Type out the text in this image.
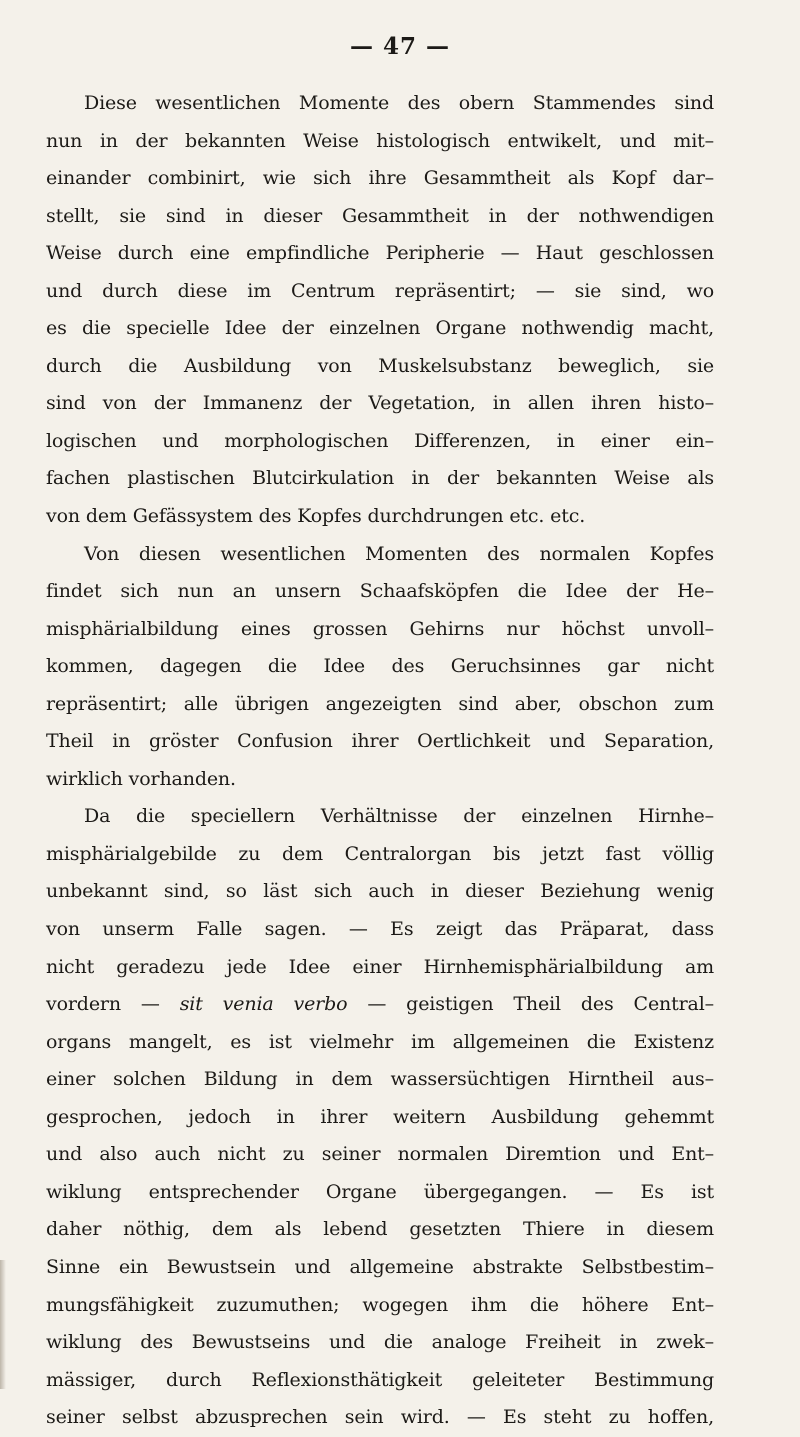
— 47 —
Diese wesentlichen Momente des obern Stammendes sind
nun in der bekannten Weise histologisch entwikelt, und mit–
einander combinirt, wie sich ihre Gesammtheit als Kopf dar–
stellt, sie sind in dieser Gesammtheit in der nothwendigen
Weise durch eine empfindliche Peripherie — Haut geschlossen
und durch diese im Centrum repräsentirt; — sie sind, wo
es die specielle Idee der einzelnen Organe nothwendig macht,
durch die Ausbildung von Muskelsubstanz beweglich, sie
sind von der Immanenz der Vegetation, in allen ihren histo–
logischen und morphologischen Differenzen, in einer ein–
fachen plastischen Blutcirkulation in der bekannten Weise als
von dem Gefässystem des Kopfes durchdrungen etc. etc.
Von diesen wesentlichen Momenten des normalen Kopfes
findet sich nun an unsern Schaafsköpfen die Idee der He–
misphärialbildung eines grossen Gehirns nur höchst unvoll–
kommen, dagegen die Idee des Geruchsinnes gar nicht
repräsentirt; alle übrigen angezeigten sind aber, obschon zum
Theil in gröster Confusion ihrer Oertlichkeit und Separation,
wirklich vorhanden.
Da die speciellern Verhältnisse der einzelnen Hirnhe–
misphärialgebilde zu dem Centralorgan bis jetzt fast völlig
unbekannt sind, so läst sich auch in dieser Beziehung wenig
von unserm Falle sagen. — Es zeigt das Präparat, dass
nicht geradezu jede Idee einer Hirnhemisphärialbildung am
vordern — sit venia verbo — geistigen Theil des Central–
organs mangelt, es ist vielmehr im allgemeinen die Existenz
einer solchen Bildung in dem wassersüchtigen Hirntheil aus–
gesprochen, jedoch in ihrer weitern Ausbildung gehemmt
und also auch nicht zu seiner normalen Diremtion und Ent–
wiklung entsprechender Organe übergegangen. — Es ist
daher nöthig, dem als lebend gesetzten Thiere in diesem
Sinne ein Bewustsein und allgemeine abstrakte Selbstbestim–
mungsfähigkeit zuzumuthen; wogegen ihm die höhere Ent–
wiklung des Bewustseins und die analoge Freiheit in zwek–
mässiger, durch Reflexionsthätigkeit geleiteter Bestimmung
seiner selbst abzusprechen sein wird. — Es steht zu hoffen,
